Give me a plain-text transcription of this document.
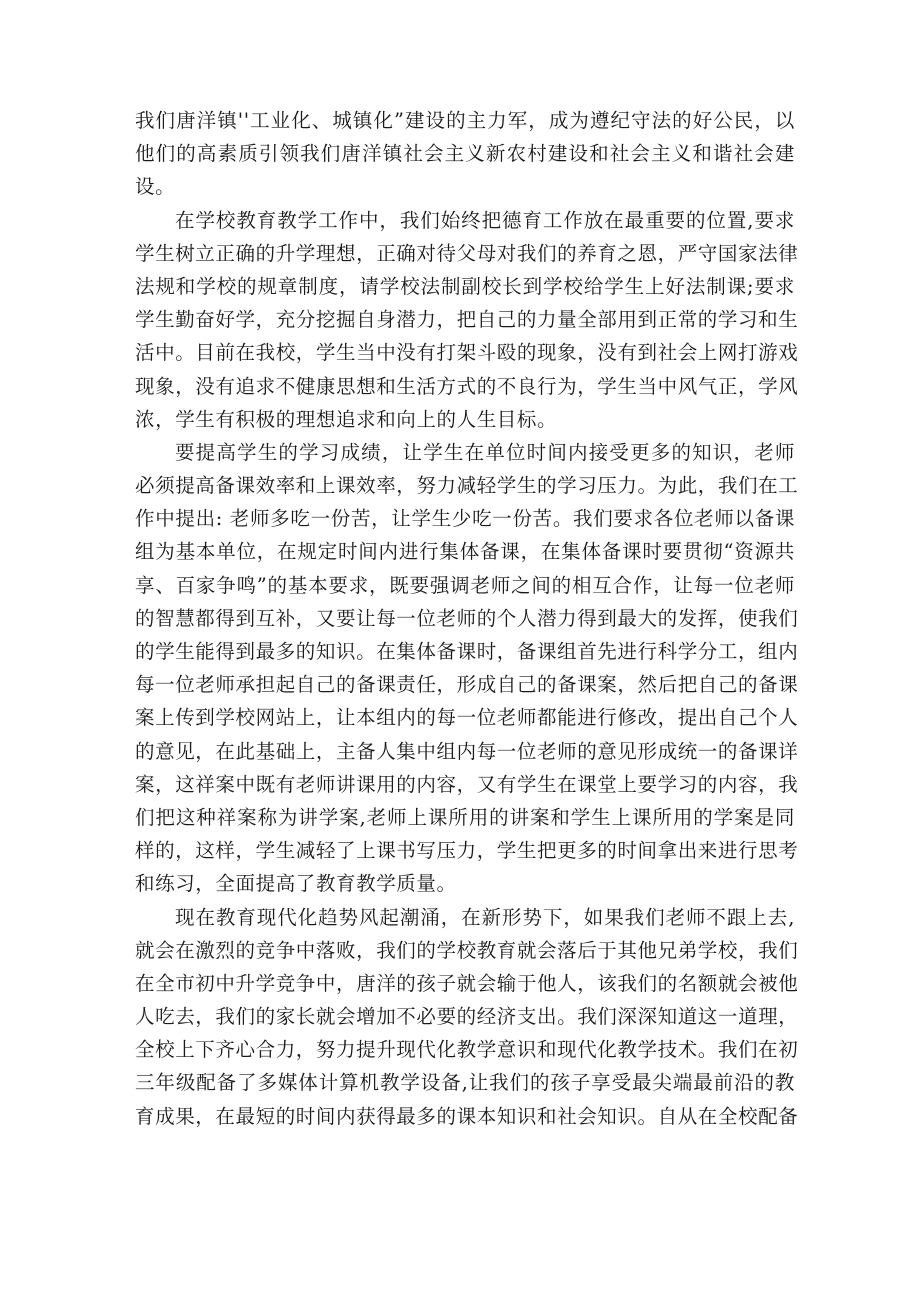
我们唐洋镇''工业化、城镇化”建设的主力军，成为遵纪守法的好公民，以
他们的高素质引领我们唐洋镇社会主义新农村建设和社会主义和谐社会建
设。
在学校教育教学工作中，我们始终把德育工作放在最重要的位置,要求
学生树立正确的升学理想，正确对待父母对我们的养育之恩，严守国家法律
法规和学校的规章制度，请学校法制副校长到学校给学生上好法制课;要求
学生勤奋好学，充分挖掘自身潜力，把自己的力量全部用到正常的学习和生
活中。目前在我校，学生当中没有打架斗殴的现象，没有到社会上网打游戏
现象，没有追求不健康思想和生活方式的不良行为，学生当中风气正，学风
浓，学生有积极的理想追求和向上的人生目标。
要提高学生的学习成绩，让学生在单位时间内接受更多的知识，老师
必须提高备课效率和上课效率，努力减轻学生的学习压力。为此，我们在工
作中提出: 老师多吃一份苦，让学生少吃一份苦。我们要求各位老师以备课
组为基本单位，在规定时间内进行集体备课，在集体备课时要贯彻“资源共
享、百家争鸣”的基本要求，既要强调老师之间的相互合作，让每一位老师
的智慧都得到互补，又要让每一位老师的个人潜力得到最大的发挥，使我们
的学生能得到最多的知识。在集体备课时，备课组首先进行科学分工，组内
每一位老师承担起自己的备课责任，形成自己的备课案，然后把自己的备课
案上传到学校网站上，让本组内的每一位老师都能进行修改，提出自己个人
的意见，在此基础上，主备人集中组内每一位老师的意见形成统一的备课详
案，这祥案中既有老师讲课用的内容，又有学生在课堂上要学习的内容，我
们把这种祥案称为讲学案,老师上课所用的讲案和学生上课所用的学案是同
样的，这样，学生减轻了上课书写压力，学生把更多的时间拿出来进行思考
和练习，全面提高了教育教学质量。
现在教育现代化趋势风起潮涌，在新形势下，如果我们老师不跟上去,
就会在激烈的竞争中落败，我们的学校教育就会落后于其他兄弟学校，我们
在全市初中升学竞争中，唐洋的孩子就会输于他人，该我们的名额就会被他
人吃去，我们的家长就会增加不必要的经济支出。我们深深知道这一道理，
全校上下齐心合力，努力提升现代化教学意识和现代化教学技术。我们在初
三年级配备了多媒体计算机教学设备,让我们的孩子享受最尖端最前沿的教
育成果，在最短的时间内获得最多的课本知识和社会知识。自从在全校配备
